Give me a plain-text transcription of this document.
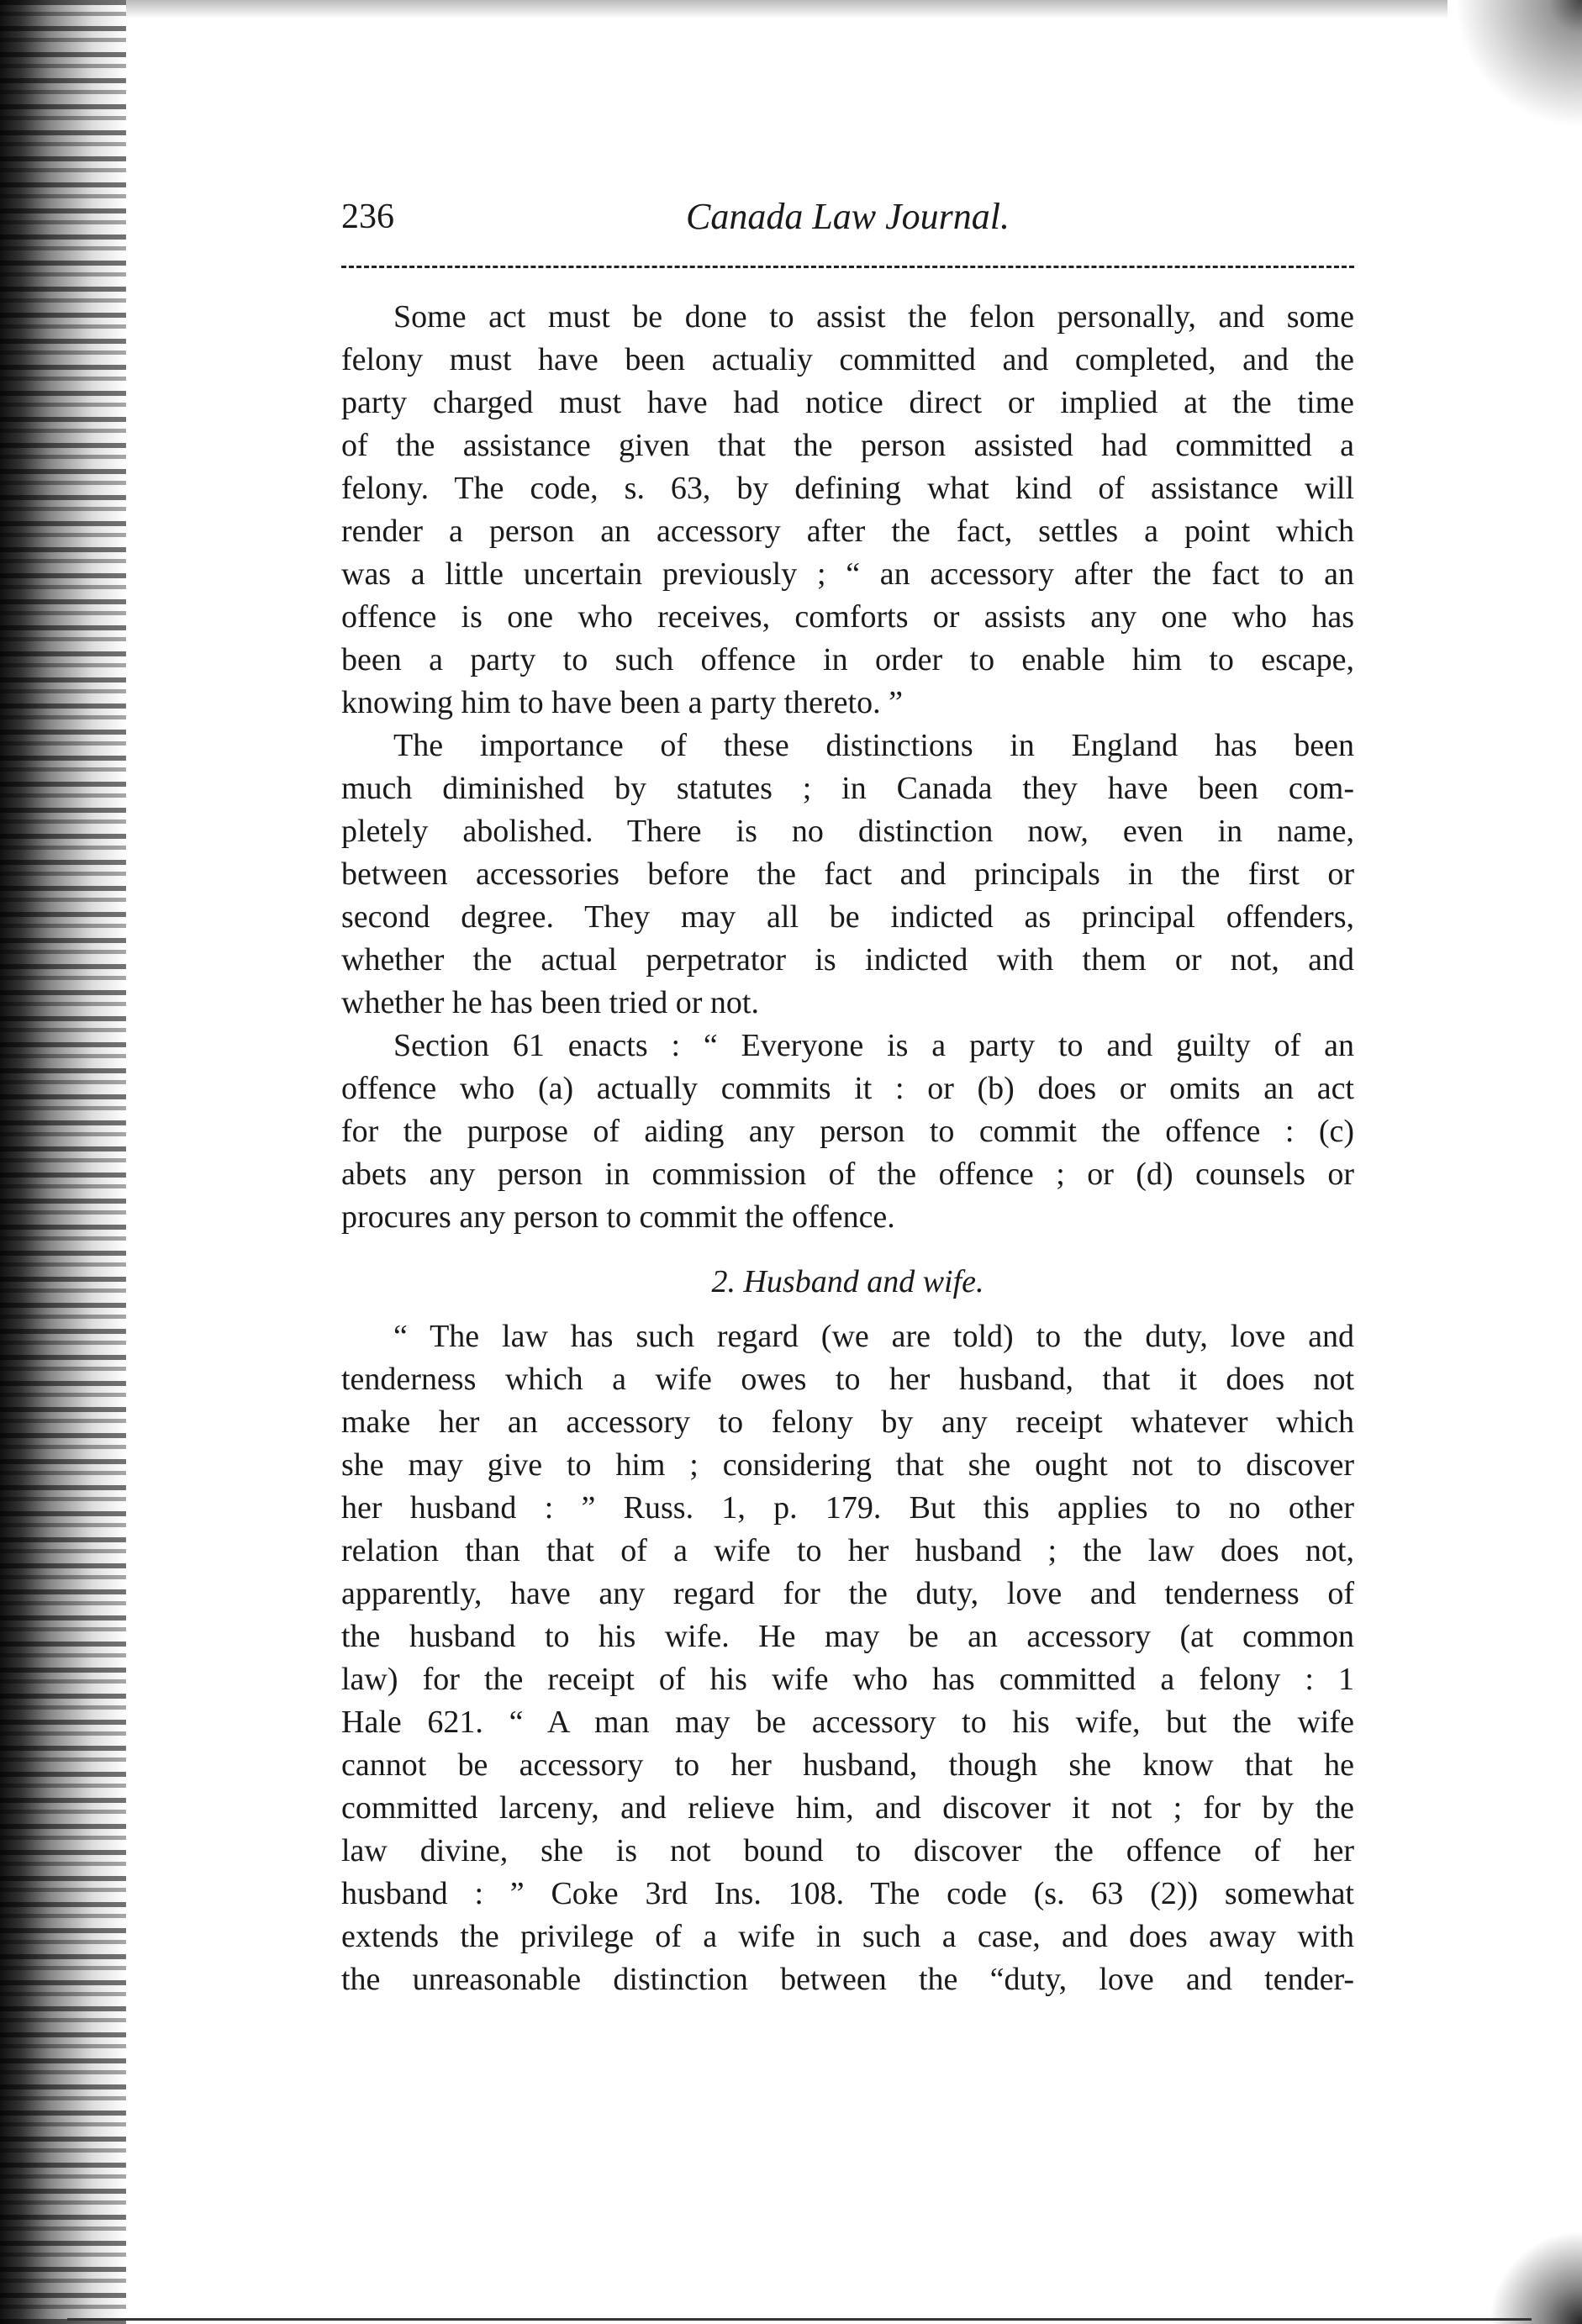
236	Canada Law Journal.
Some act must be done to assist the felon personally, and some
felony must have been actualiy committed and completed, and the
party charged must have had notice direct or implied at the time
of the assistance given that the person assisted had committed a
felony. The code, s. 63, by defining what kind of assistance will
render a person an accessory after the fact, settles a point which
was a little uncertain previously ; “ an accessory after the fact to an
offence is one who receives, comforts or assists any one who has
been a party to such offence in order to enable him to escape,
knowing him to have been a party thereto. ”
The importance of these distinctions in England has been
much diminished by statutes ; in Canada they have been com-
pletely abolished. There is no distinction now, even in name,
between accessories before the fact and principals in the first or
second degree. They may all be indicted as principal offenders,
whether the actual perpetrator is indicted with them or not, and
whether he has been tried or not.
Section 61 enacts : “ Everyone is a party to and guilty of an
offence who (a) actually commits it : or (b) does or omits an act
for the purpose of aiding any person to commit the offence : (c)
abets any person in commission of the offence ; or (d) counsels or
procures any person to commit the offence.
2. Husband and wife.
“ The law has such regard (we are told) to the duty, love and
tenderness which a wife owes to her husband, that it does not
make her an accessory to felony by any receipt whatever which
she may give to him ; considering that she ought not to discover
her husband : ” Russ. 1, p. 179. But this applies to no other
relation than that of a wife to her husband ; the law does not,
apparently, have any regard for the duty, love and tenderness of
the husband to his wife. He may be an accessory (at common
law) for the receipt of his wife who has committed a felony : 1
Hale 621. “ A man may be accessory to his wife, but the wife
cannot be accessory to her husband, though she know that he
committed larceny, and relieve him, and discover it not ; for by the
law divine, she is not bound to discover the offence of her
husband : ” Coke 3rd Ins. 108. The code (s. 63 (2)) somewhat
extends the privilege of a wife in such a case, and does away with
the unreasonable distinction between the “duty, love and tender-
